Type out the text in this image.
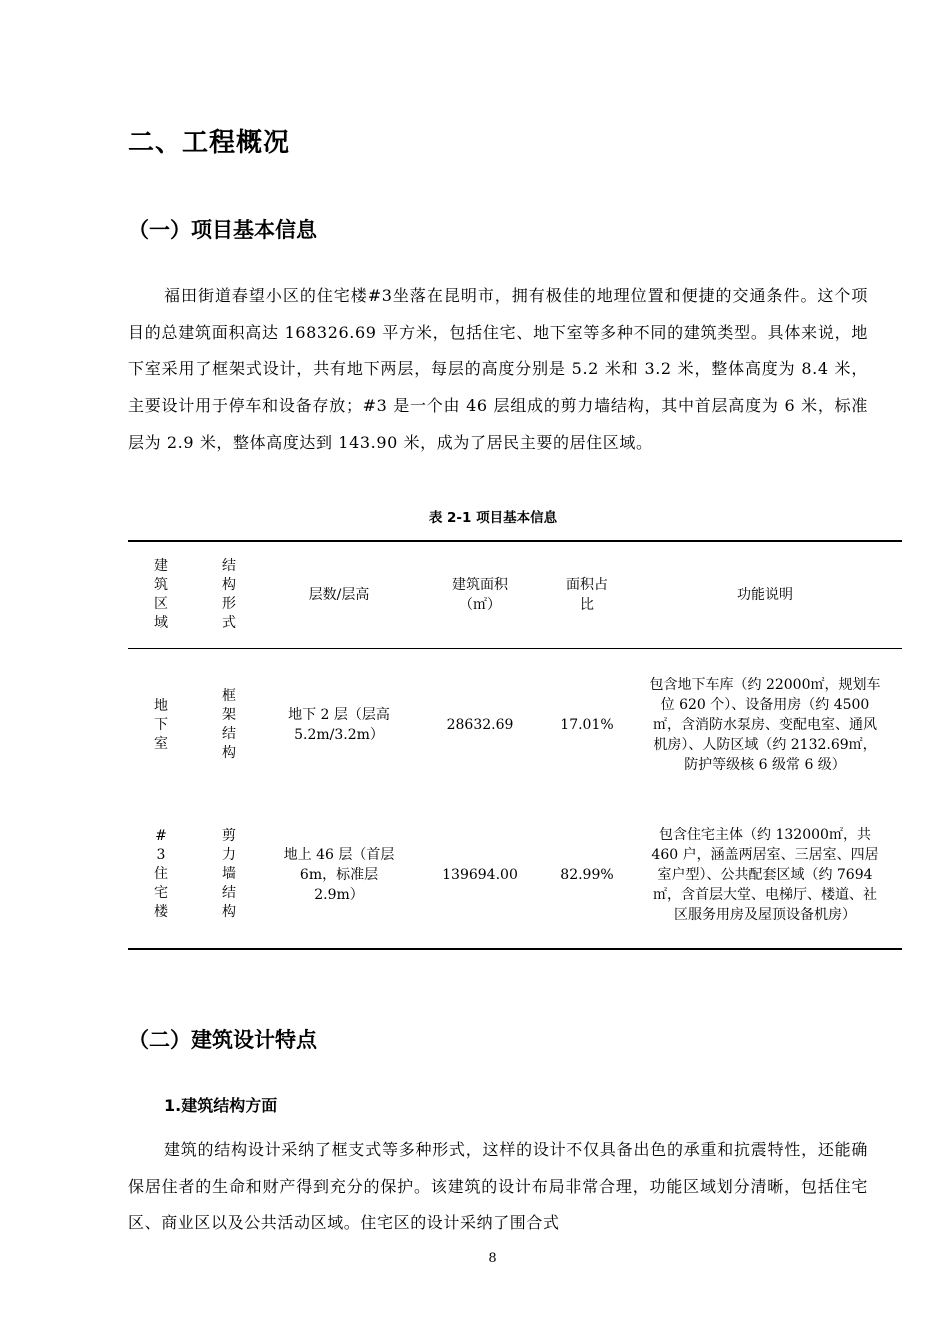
二、工程概况
（一）项目基本信息

福田街道春望小区的住宅楼#3坐落在昆明市，拥有极佳的地理位置和便捷的交通条件。这个项目的总建筑面积高达 168326.69 平方米，包括住宅、地下室等多种不同的建筑类型。具体来说，地下室采用了框架式设计，共有地下两层，每层的高度分别是 5.2 米和 3.2 米，整体高度为 8.4 米，主要设计用于停车和设备存放；#3 是一个由 46 层组成的剪力墙结构，其中首层高度为 6 米，标准层为 2.9 米，整体高度达到 143.90 米，成为了居民主要的居住区域。

表 2-1 项目基本信息
建筑区域	结构形式	层数/层高	建筑面积（㎡）	面积占比	功能说明

地下室	框架结构	地下 2 层（层高 5.2m/3.2m）	28632.69	17.01%	包含地下车库（约 22000㎡，规划车位 620 个）、设备用房（约 4500㎡，含消防水泵房、变配电室、通风机房）、人防区域（约 2132.69㎡，防护等级核 6 级常 6 级）

#3住宅楼	剪力墙结构	地上 46 层（首层 6m，标准层 2.9m）	139694.00	82.99%	包含住宅主体（约 132000㎡，共 460 户，涵盖两居室、三居室、四居室户型）、公共配套区域（约 7694㎡，含首层大堂、电梯厅、楼道、社区服务用房及屋顶设备机房）
（二）建筑设计特点
1.建筑结构方面

建筑的结构设计采纳了框支式等多种形式，这样的设计不仅具备出色的承重和抗震特性，还能确保居住者的生命和财产得到充分的保护。该建筑的设计布局非常合理，功能区域划分清晰，包括住宅区、商业区以及公共活动区域。住宅区的设计采纳了围合式

8
